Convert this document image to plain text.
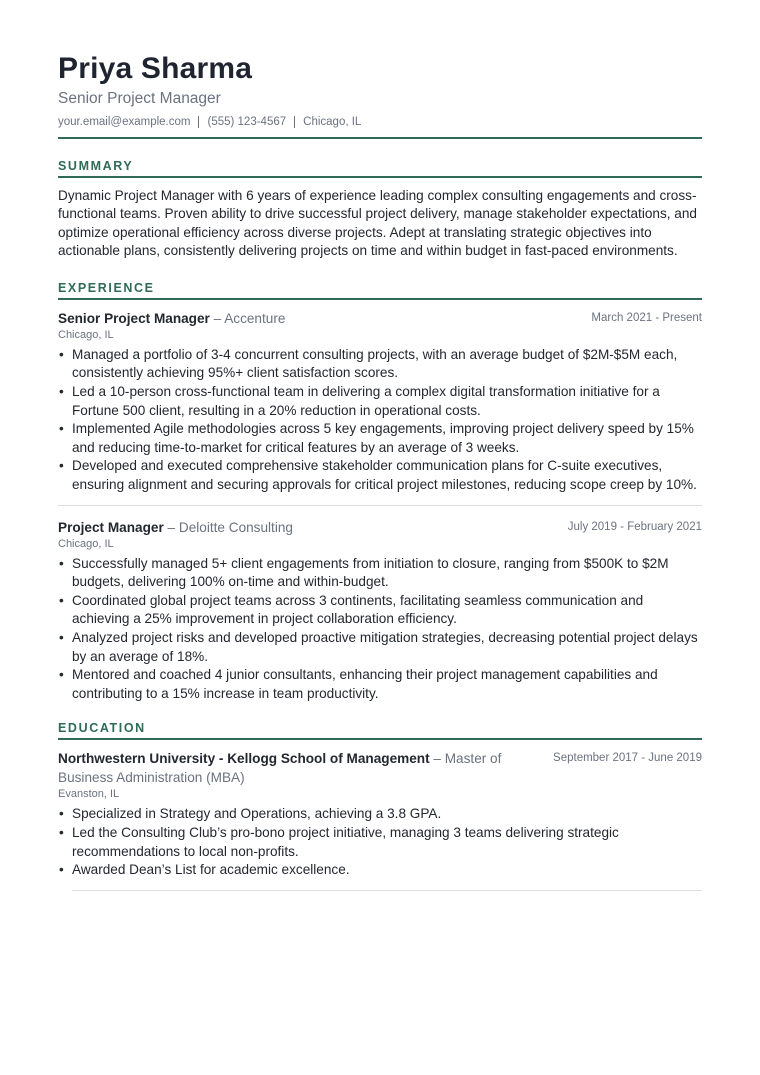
Priya Sharma
Senior Project Manager
your.email@example.com (555) 123-4567 Chicago, IL
SUMMARY

Dynamic Project Manager with 6 years of experience leading complex consulting engagements and cross-functional teams. Proven ability to drive successful project delivery, manage stakeholder expectations, and optimize operational efficiency across diverse projects. Adept at translating strategic objectives into actionable plans, consistently delivering projects on time and within budget in fast-paced environments.

EXPERIENCE
Senior Project Manager – Accenture	March 2021 - Present
Chicago, IL
• Managed a portfolio of 3-4 concurrent consulting projects, with an average budget of $2M-$5M each, consistently achieving 95%+ client satisfaction scores.
• Led a 10-person cross-functional team in delivering a complex digital transformation initiative for a Fortune 500 client, resulting in a 20% reduction in operational costs.
• Implemented Agile methodologies across 5 key engagements, improving project delivery speed by 15% and reducing time-to-market for critical features by an average of 3 weeks.
• Developed and executed comprehensive stakeholder communication plans for C-suite executives, ensuring alignment and securing approvals for critical project milestones, reducing scope creep by 10%.
Project Manager – Deloitte Consulting	July 2019 - February 2021
Chicago, IL
• Successfully managed 5+ client engagements from initiation to closure, ranging from $500K to $2M budgets, delivering 100% on-time and within-budget.
• Coordinated global project teams across 3 continents, facilitating seamless communication and achieving a 25% improvement in project collaboration efficiency.
• Analyzed project risks and developed proactive mitigation strategies, decreasing potential project delays by an average of 18%.
• Mentored and coached 4 junior consultants, enhancing their project management capabilities and contributing to a 15% increase in team productivity.
EDUCATION
Northwestern University - Kellogg School of Management – Master of Business Administration (MBA)
September 2017 - June 2019
Evanston, IL
• Specialized in Strategy and Operations, achieving a 3.8 GPA.
• Led the Consulting Club’s pro-bono project initiative, managing 3 teams delivering strategic recommendations to local non-profits.
• Awarded Dean’s List for academic excellence.
